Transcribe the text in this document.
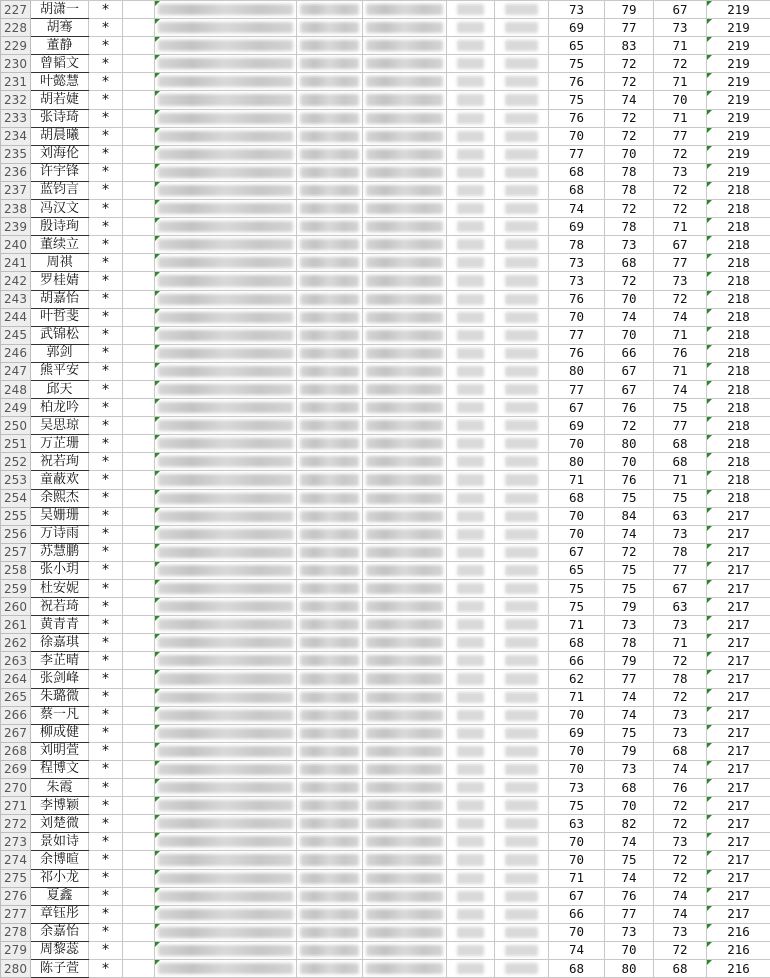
227	胡潇一	*							73	79	67	219
228	胡骞	*							69	77	73	219
229	董静	*							65	83	71	219
230	曾韬文	*							75	72	72	219
231	叶懿慧	*							76	72	71	219
232	胡若婕	*							75	74	70	219
233	张诗琦	*							76	72	71	219
234	胡晨曦	*							70	72	77	219
235	刘海伦	*							77	70	72	219
236	许宇锋	*							68	78	73	219
237	蓝钧言	*							68	78	72	218
238	冯汉文	*							74	72	72	218
239	殷诗珣	*							69	78	71	218
240	董续立	*							78	73	67	218
241	周祺	*							73	68	77	218
242	罗桂婧	*							73	72	73	218
243	胡嘉怡	*							76	70	72	218
244	叶哲斐	*							70	74	74	218
245	武锦松	*							77	70	71	218
246	郭剑	*							76	66	76	218
247	熊平安	*							80	67	71	218
248	邱天	*							77	67	74	218
249	柏龙吟	*							67	76	75	218
250	吴思琼	*							69	72	77	218
251	万芷珊	*							70	80	68	218
252	祝若珣	*							80	70	68	218
253	童蔽欢	*							71	76	71	218
254	余熙杰	*							68	75	75	218
255	吴姗珊	*							70	84	63	217
256	万诗雨	*							70	74	73	217
257	苏慧鹏	*							67	72	78	217
258	张小玥	*							65	75	77	217
259	杜安妮	*							75	75	67	217
260	祝若琦	*							75	79	63	217
261	黄青青	*							71	73	73	217
262	徐嘉琪	*							68	78	71	217
263	李芷晴	*							66	79	72	217
264	张剑峰	*							62	77	78	217
265	朱璐微	*							71	74	72	217
266	蔡一凡	*							70	74	73	217
267	柳成健	*							69	75	73	217
268	刘明萱	*							70	79	68	217
269	程博文	*							70	73	74	217
270	朱霞	*							73	68	76	217
271	李博颖	*							75	70	72	217
272	刘楚微	*							63	82	72	217
273	景如诗	*							70	74	73	217
274	余博暄	*							70	75	72	217
275	祁小龙	*							71	74	72	217
276	夏鑫	*							67	76	74	217
277	章钰彤	*							66	77	74	217
278	余嘉怡	*							70	73	73	216
279	周黎蕊	*							74	70	72	216
280	陈子萱	*							68	80	68	216
